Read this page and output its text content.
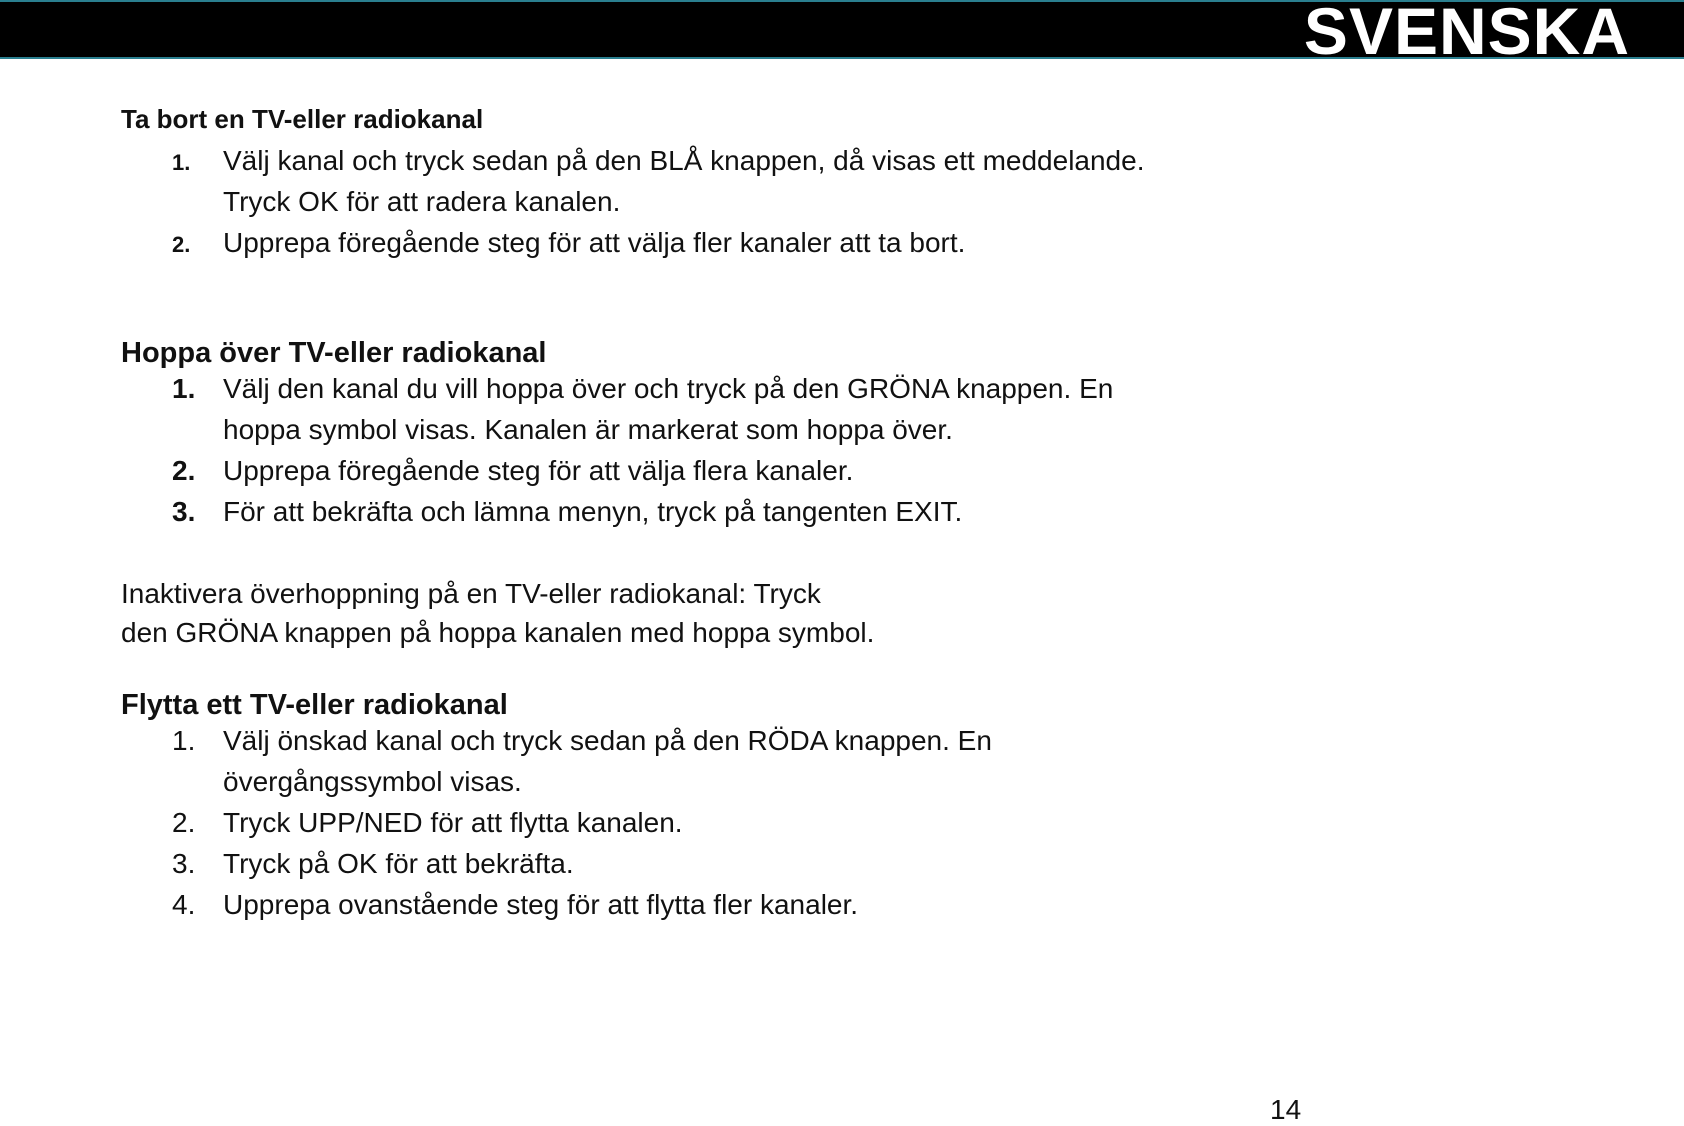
SVENSKA
Ta bort en TV-eller radiokanal
1. Välj kanal och tryck sedan på den BLÅ knappen, då visas ett meddelande.
Tryck OK för att radera kanalen.
2. Upprepa föregående steg för att välja fler kanaler att ta bort.
Hoppa över TV-eller radiokanal
1. Välj den kanal du vill hoppa över och tryck på den GRÖNA knappen. En
hoppa symbol visas. Kanalen är markerat som hoppa över.
2. Upprepa föregående steg för att välja flera kanaler.
3. För att bekräfta och lämna menyn, tryck på tangenten EXIT.
Inaktivera överhoppning på en TV-eller radiokanal: Tryck
den GRÖNA knappen på hoppa kanalen med hoppa symbol.
Flytta ett TV-eller radiokanal
1. Välj önskad kanal och tryck sedan på den RÖDA knappen. En
övergångssymbol visas.
2. Tryck UPP/NED för att flytta kanalen.
3. Tryck på OK för att bekräfta.
4. Upprepa ovanstående steg för att flytta fler kanaler.
14
